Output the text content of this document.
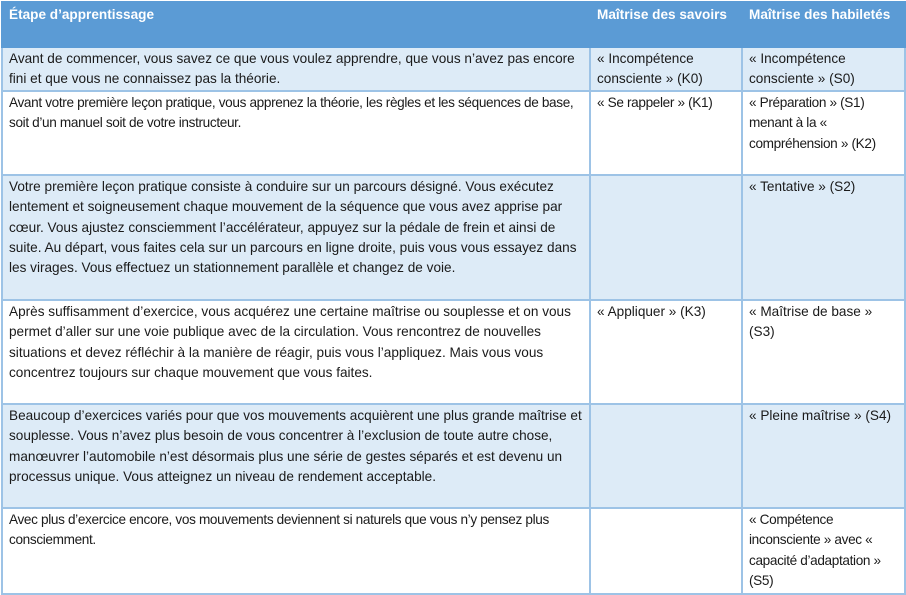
Étape d’apprentissage	Maîtrise des savoirs	Maîtrise des habiletés
Avant de commencer, vous savez ce que vous voulez apprendre, que vous n’avez pas encore fini et que vous ne connaissez pas la théorie.	« Incompétence consciente » (K0)	« Incompétence consciente » (S0)
Avant votre première leçon pratique, vous apprenez la théorie, les règles et les séquences de base, soit d’un manuel soit de votre instructeur.	« Se rappeler » (K1)	« Préparation » (S1) menant à la « compréhension » (K2)
Votre première leçon pratique consiste à conduire sur un parcours désigné. Vous exécutez lentement et soigneusement chaque mouvement de la séquence que vous avez apprise par cœur. Vous ajustez consciemment l’accélérateur, appuyez sur la pédale de frein et ainsi de suite. Au départ, vous faites cela sur un parcours en ligne droite, puis vous vous essayez dans les virages. Vous effectuez un stationnement parallèle et changez de voie.		« Tentative » (S2)
Après suffisamment d’exercice, vous acquérez une certaine maîtrise ou souplesse et on vous permet d’aller sur une voie publique avec de la circulation. Vous rencontrez de nouvelles situations et devez réfléchir à la manière de réagir, puis vous l’appliquez. Mais vous vous concentrez toujours sur chaque mouvement que vous faites.	« Appliquer » (K3)	« Maîtrise de base » (S3)
Beaucoup d’exercices variés pour que vos mouvements acquièrent une plus grande maîtrise et souplesse. Vous n’avez plus besoin de vous concentrer à l’exclusion de toute autre chose, manœuvrer l’automobile n’est désormais plus une série de gestes séparés et est devenu un processus unique. Vous atteignez un niveau de rendement acceptable.		« Pleine maîtrise » (S4)
Avec plus d’exercice encore, vos mouvements deviennent si naturels que vous n’y pensez plus consciemment.		« Compétence inconsciente » avec « capacité d’adaptation » (S5)
